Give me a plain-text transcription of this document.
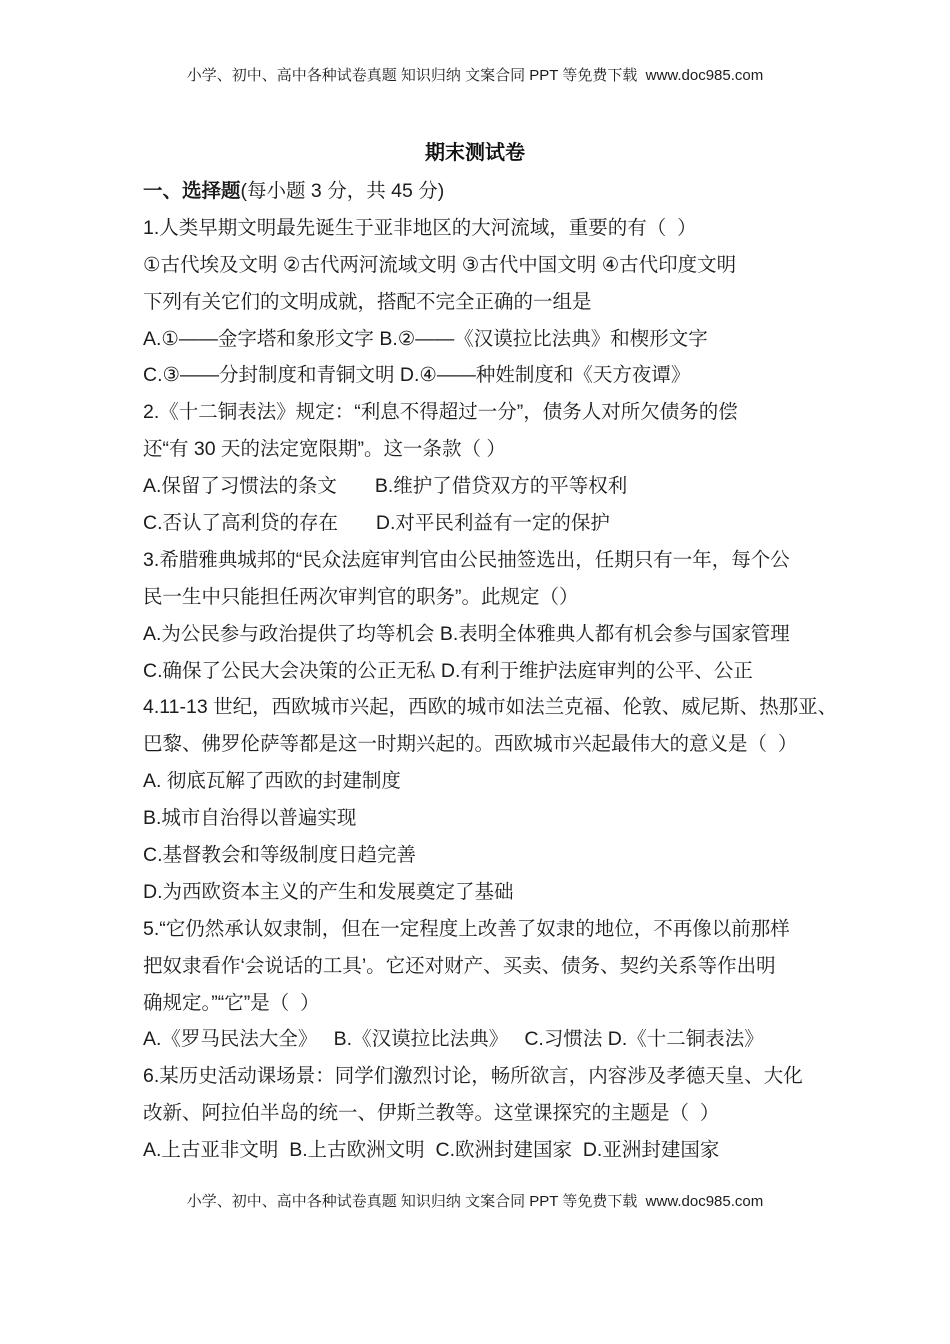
小学、初中、高中各种试卷真题 知识归纳 文案合同 PPT 等免费下载  www.doc985.com
期末测试卷
一、选择题(每小题 3 分，共 45 分)
1.人类早期文明最先诞生于亚非地区的大河流域，重要的有（  ）
①古代埃及文明 ②古代两河流域文明 ③古代中国文明 ④古代印度文明
下列有关它们的文明成就，搭配不完全正确的一组是
A.①——金字塔和象形文字 B.②——《汉谟拉比法典》和楔形文字
C.③——分封制度和青铜文明 D.④——种姓制度和《天方夜谭》
2.《十二铜表法》规定：“利息不得超过一分”，债务人对所欠债务的偿
还“有 30 天的法定宽限期”。这一条款（ ）
A.保留了习惯法的条文       B.维护了借贷双方的平等权利
C.否认了高利贷的存在       D.对平民利益有一定的保护
3.希腊雅典城邦的“民众法庭审判官由公民抽签选出，任期只有一年，每个公
民一生中只能担任两次审判官的职务”。此规定（）
A.为公民参与政治提供了均等机会 B.表明全体雅典人都有机会参与国家管理
C.确保了公民大会决策的公正无私 D.有利于维护法庭审判的公平、公正
4.11-13 世纪，西欧城市兴起，西欧的城市如法兰克福、伦敦、威尼斯、热那亚、
巴黎、佛罗伦萨等都是这一时期兴起的。西欧城市兴起最伟大的意义是（  ）
A. 彻底瓦解了西欧的封建制度
B.城市自治得以普遍实现
C.基督教会和等级制度日趋完善
D.为西欧资本主义的产生和发展奠定了基础
5.“它仍然承认奴隶制，但在一定程度上改善了奴隶的地位，不再像以前那样
把奴隶看作‘会说话的工具’。它还对财产、买卖、债务、契约关系等作出明
确规定。”“它”是（  ）
A.《罗马民法大全》   B.《汉谟拉比法典》   C.习惯法 D.《十二铜表法》
6.某历史活动课场景：同学们激烈讨论，畅所欲言，内容涉及孝德天皇、大化
改新、阿拉伯半岛的统一、伊斯兰教等。这堂课探究的主题是（  ）
A.上古亚非文明  B.上古欧洲文明  C.欧洲封建国家  D.亚洲封建国家
小学、初中、高中各种试卷真题 知识归纳 文案合同 PPT 等免费下载  www.doc985.com
